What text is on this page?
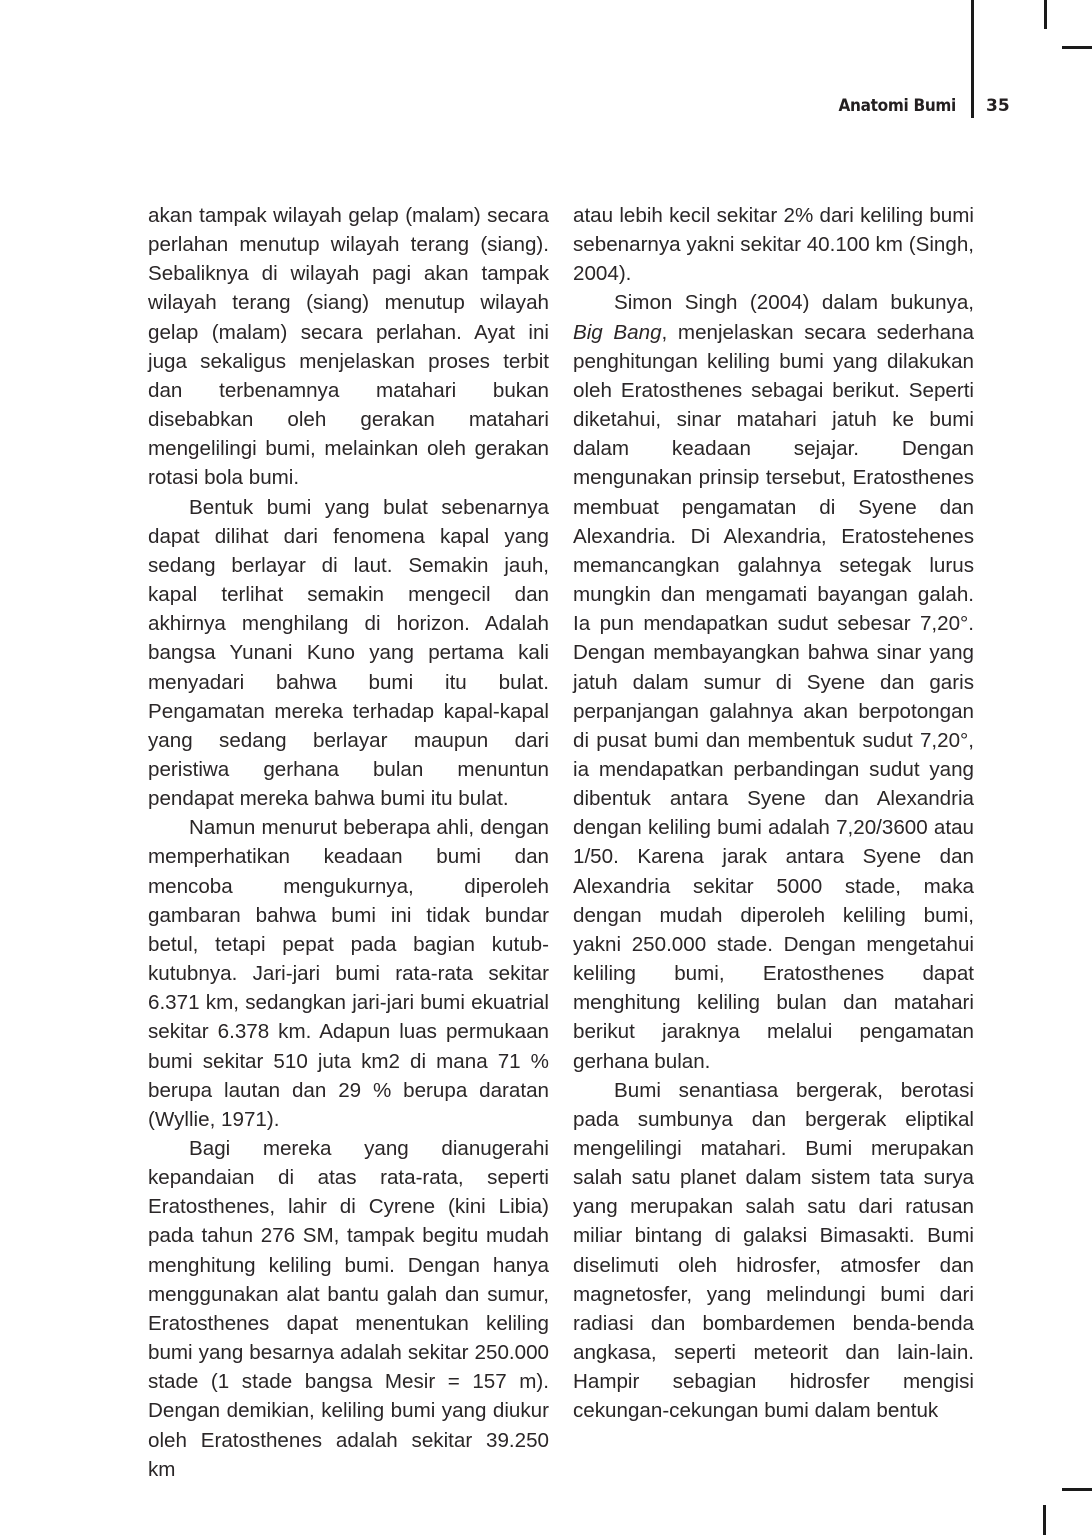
Anatomi Bumi 35

akan tampak wilayah gelap (malam) secara perlahan menutup wilayah terang (siang). Sebaliknya di wilayah pagi akan tampak wilayah terang (siang) menutup wilayah gelap (malam) secara perlahan. Ayat ini juga sekaligus menjelaskan proses terbit dan terbenamnya matahari bukan disebabkan oleh gerakan matahari mengelilingi bumi, melainkan oleh gerakan rotasi bola bumi.

Bentuk bumi yang bulat sebenarnya dapat dilihat dari fenomena kapal yang sedang berlayar di laut. Semakin jauh, kapal terlihat semakin mengecil dan akhirnya menghilang di horizon. Adalah bangsa Yunani Kuno yang pertama kali menyadari bahwa bumi itu bulat. Pengamatan mereka terhadap kapal-kapal yang sedang berlayar maupun dari peristiwa gerhana bulan menuntun pendapat mereka bahwa bumi itu bulat.

Namun menurut beberapa ahli, dengan memperhatikan keadaan bumi dan mencoba mengukurnya, diperoleh gambaran bahwa bumi ini tidak bundar betul, tetapi pepat pada bagian kutub-kutubnya. Jari-jari bumi rata-rata sekitar 6.371 km, sedangkan jari-jari bumi ekuatrial sekitar 6.378 km. Adapun luas permukaan bumi sekitar 510 juta km2 di mana 71 % berupa lautan dan 29 % berupa daratan (Wyllie, 1971).

Bagi mereka yang dianugerahi kepandaian di atas rata-rata, seperti Eratosthenes, lahir di Cyrene (kini Libia) pada tahun 276 SM, tampak begitu mudah menghitung keliling bumi. Dengan hanya menggunakan alat bantu galah dan sumur, Eratosthenes dapat menentukan keliling bumi yang besarnya adalah sekitar 250.000 stade (1 stade bangsa Mesir = 157 m). Dengan demikian, keliling bumi yang diukur oleh Eratosthenes adalah sekitar 39.250 km

atau lebih kecil sekitar 2% dari keliling bumi sebenarnya yakni sekitar 40.100 km (Singh, 2004).

Simon Singh (2004) dalam bukunya, Big Bang, menjelaskan secara sederhana penghitungan keliling bumi yang dilakukan oleh Eratosthenes sebagai berikut. Seperti diketahui, sinar matahari jatuh ke bumi dalam keadaan sejajar. Dengan mengunakan prinsip tersebut, Eratosthenes membuat pengamatan di Syene dan Alexandria. Di Alexandria, Eratostehenes memancangkan galahnya setegak lurus mungkin dan mengamati bayangan galah. Ia pun mendapatkan sudut sebesar 7,20°. Dengan membayangkan bahwa sinar yang jatuh dalam sumur di Syene dan garis perpanjangan galahnya akan berpotongan di pusat bumi dan membentuk sudut 7,20°, ia mendapatkan perbandingan sudut yang dibentuk antara Syene dan Alexandria dengan keliling bumi adalah 7,20/3600 atau 1/50. Karena jarak antara Syene dan Alexandria sekitar 5000 stade, maka dengan mudah diperoleh keliling bumi, yakni 250.000 stade. Dengan mengetahui keliling bumi, Eratosthenes dapat menghitung keliling bulan dan matahari berikut jaraknya melalui pengamatan gerhana bulan.

Bumi senantiasa bergerak, berotasi pada sumbunya dan bergerak eliptikal mengelilingi matahari. Bumi merupakan salah satu planet dalam sistem tata surya yang merupakan salah satu dari ratusan miliar bintang di galaksi Bimasakti. Bumi diselimuti oleh hidrosfer, atmosfer dan magnetosfer, yang melindungi bumi dari radiasi dan bombardemen benda-benda angkasa, seperti meteorit dan lain-lain. Hampir sebagian hidrosfer mengisi cekungan-cekungan bumi dalam bentuk
